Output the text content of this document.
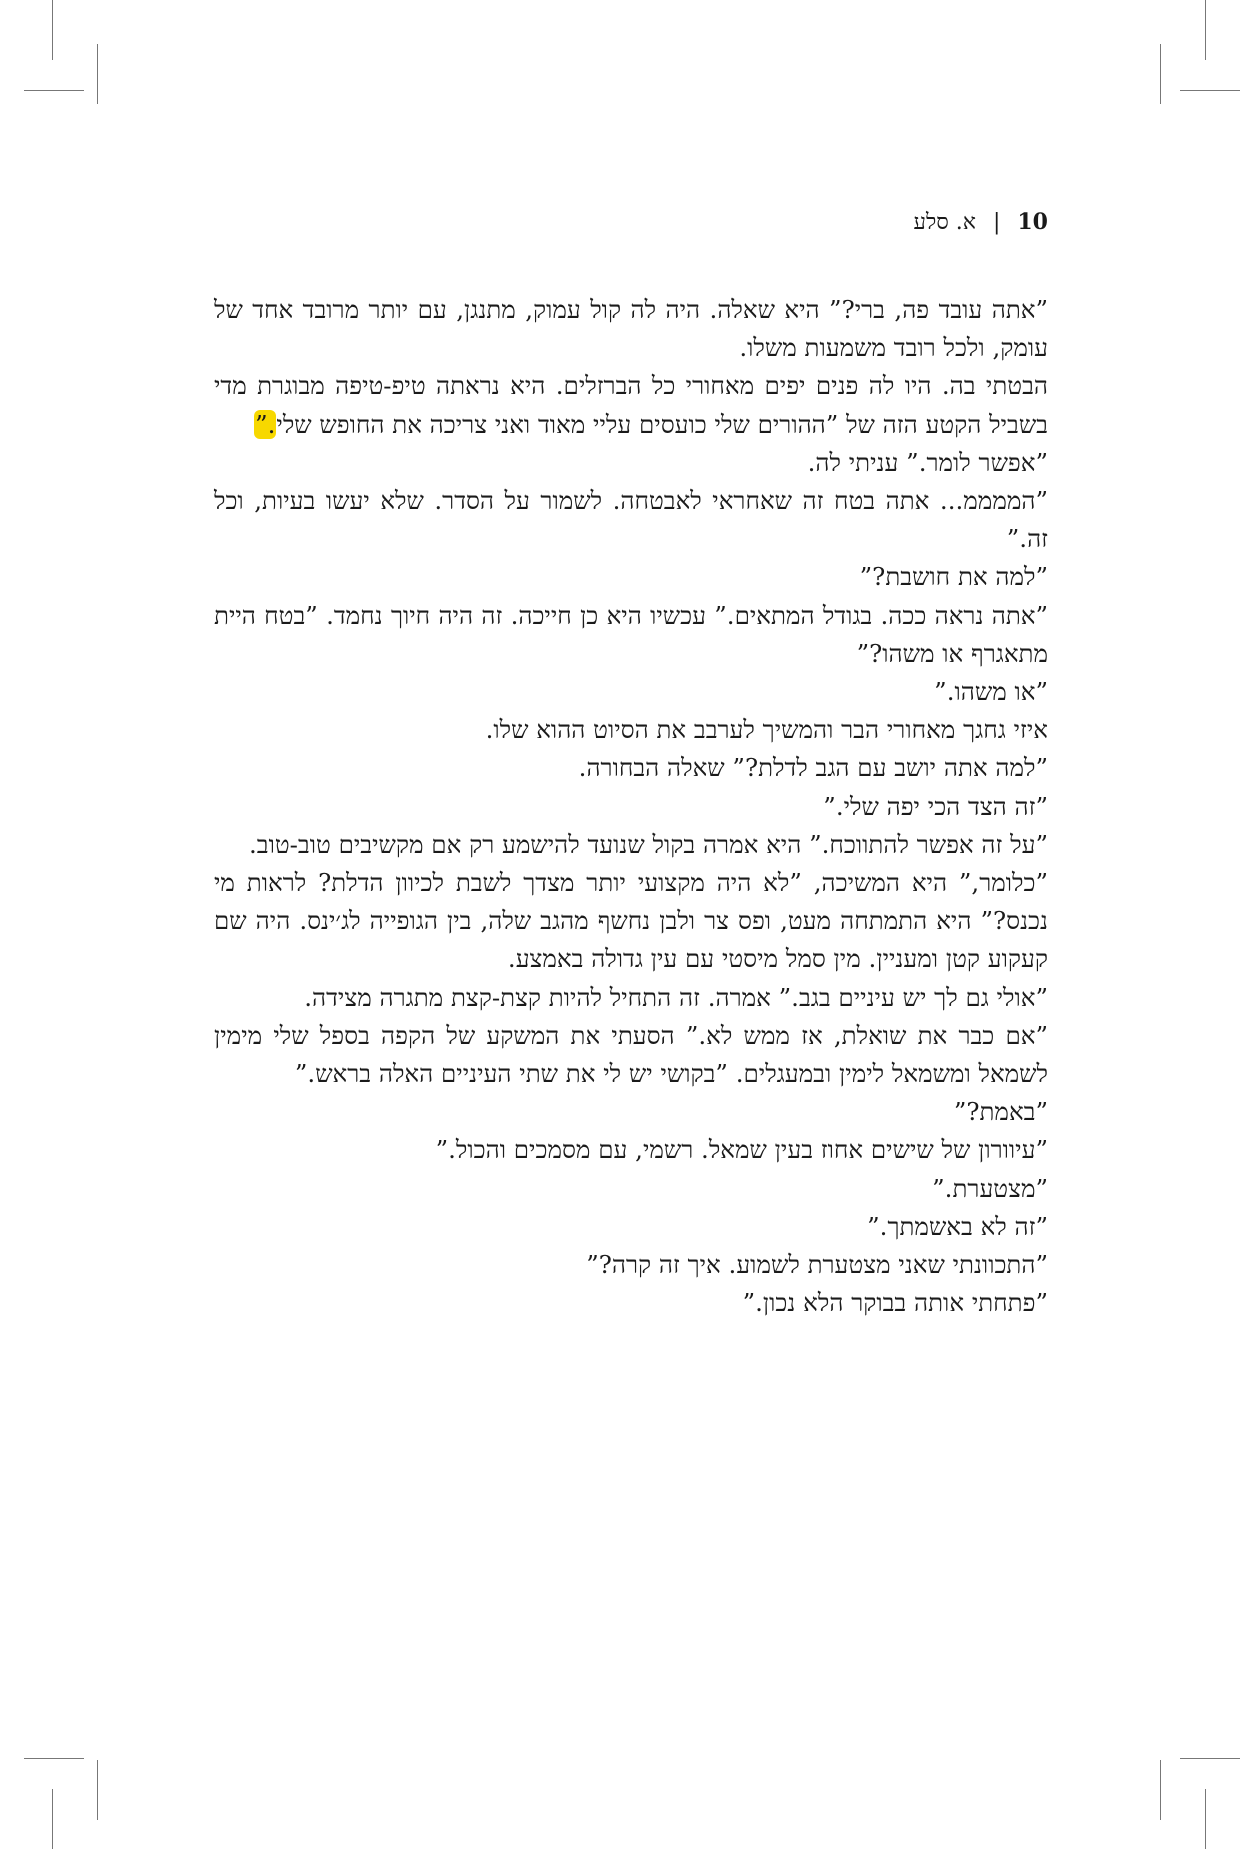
10 | א. סלע

”אתה עובד פה, ברי?” היא שאלה. היה לה קול עמוק, מתנגן, עם יותר מרובד אחד של עומק, ולכל רובד משמעות משלו.

הבטתי בה. היו לה פנים יפים מאחורי כל הברזלים. היא נראתה טיפ-טיפה מבוגרת מדי בשביל הקטע הזה של ”ההורים שלי כועסים עליי מאוד ואני צריכה את החופש שלי.”

”אפשר לומר.” עניתי לה.

”הממממ... אתה בטח זה שאחראי לאבטחה. לשמור על הסדר. שלא יעשו בעיות, וכל זה.”

”למה את חושבת?”

”אתה נראה ככה. בגודל המתאים.” עכשיו היא כן חייכה. זה היה חיוך נחמד. ”בטח היית מתאגרף או משהו?”

”או משהו.”

איזי גחגך מאחורי הבר והמשיך לערבב את הסיוט ההוא שלו.

”למה אתה יושב עם הגב לדלת?” שאלה הבחורה.

”זה הצד הכי יפה שלי.”

”על זה אפשר להתווכח.” היא אמרה בקול שנועד להישמע רק אם מקשיבים טוב-טוב.

”כלומר,” היא המשיכה, ”לא היה מקצועי יותר מצדך לשבת לכיוון הדלת? לראות מי נכנס?” היא התמתחה מעט, ופס צר ולבן נחשף מהגב שלה, בין הגופייה לג׳ינס. היה שם קעקוע קטן ומעניין. מין סמל מיסטי עם עין גדולה באמצע.

”אולי גם לך יש עיניים בגב.” אמרה. זה התחיל להיות קצת-קצת מתגרה מצידה.

”אם כבר את שואלת, אז ממש לא.” הסעתי את המשקע של הקפה בספל שלי מימין לשמאל ומשמאל לימין ובמעגלים. ”בקושי יש לי את שתי העיניים האלה בראש.”

”באמת?”

”עיוורון של שישים אחוז בעין שמאל. רשמי, עם מסמכים והכול.”

”מצטערת.”

”זה לא באשמתך.”

”התכוונתי שאני מצטערת לשמוע. איך זה קרה?”

”פתחתי אותה בבוקר הלא נכון.”
